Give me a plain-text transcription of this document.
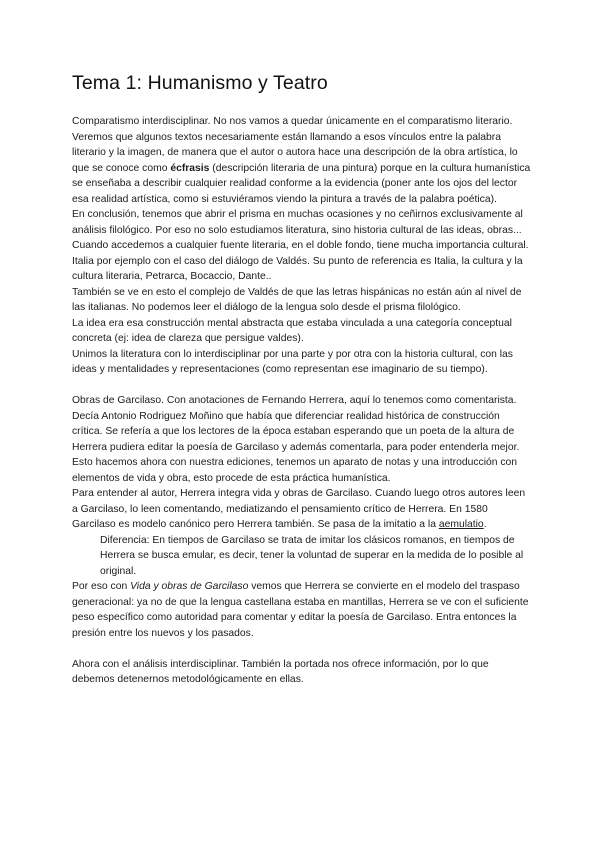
Tema 1: Humanismo y Teatro

Comparatismo interdisciplinar. No nos vamos a quedar únicamente en el comparatismo literario. Veremos que algunos textos necesariamente están llamando a esos vínculos entre la palabra literario y la imagen, de manera que el autor o autora hace una descripción de la obra artística, lo que se conoce como écfrasis (descripción literaria de una pintura) porque en la cultura humanística se enseñaba a describir cualquier realidad conforme a la evidencia (poner ante los ojos del lector esa realidad artística, como si estuviéramos viendo la pintura a través de la palabra poética).

En conclusión, tenemos que abrir el prisma en muchas ocasiones y no ceñirnos exclusivamente al análisis filológico. Por eso no solo estudiamos literatura, sino historia cultural de las ideas, obras...

Cuando accedemos a cualquier fuente literaria, en el doble fondo, tiene mucha importancia cultural. Italia por ejemplo con el caso del diálogo de Valdés. Su punto de referencia es Italia, la cultura y la cultura literaria, Petrarca, Bocaccio, Dante..

También se ve en esto el complejo de Valdés de que las letras hispánicas no están aún al nivel de las italianas. No podemos leer el diálogo de la lengua solo desde el prisma filológico.

La idea era esa construcción mental abstracta que estaba vinculada a una categoría conceptual concreta (ej: idea de clareza que persigue valdes).

Unimos la literatura con lo interdisciplinar por una parte y por otra con la historia cultural, con las ideas y mentalidades y representaciones (como representan ese imaginario de su tiempo).

Obras de Garcilaso. Con anotaciones de Fernando Herrera, aquí lo tenemos como comentarista.

Decía Antonio Rodriguez Moñino que había que diferenciar realidad histórica de construcción crítica. Se refería a que los lectores de la época estaban esperando que un poeta de la altura de Herrera pudiera editar la poesía de Garcilaso y además comentarla, para poder entenderla mejor. Esto hacemos ahora con nuestra ediciones, tenemos un aparato de notas y una introducción con elementos de vida y obra, esto procede de esta práctica humanística.

Para entender al autor, Herrera integra vida y obras de Garcilaso. Cuando luego otros autores leen a Garcilaso, lo leen comentando, mediatizando el pensamiento crítico de Herrera. En 1580 Garcilaso es modelo canónico pero Herrera también. Se pasa de la imitatio a la aemulatio.

Diferencia: En tiempos de Garcilaso se trata de imitar los clásicos romanos, en tiempos de Herrera se busca emular, es decir, tener la voluntad de superar en la medida de lo posible al original.

Por eso con Vida y obras de Garcilaso vemos que Herrera se convierte en el modelo del traspaso generacional: ya no de que la lengua castellana estaba en mantillas, Herrera se ve con el suficiente peso específico como autoridad para comentar y editar la poesía de Garcilaso. Entra entonces la presión entre los nuevos y los pasados.

Ahora con el análisis interdisciplinar. También la portada nos ofrece información, por lo que debemos detenernos metodológicamente en ellas.
